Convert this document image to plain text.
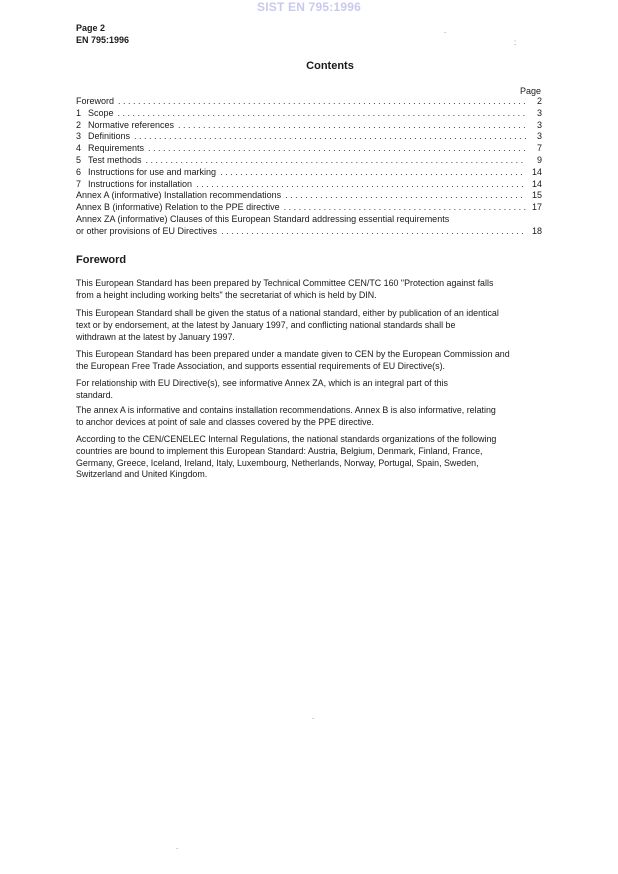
SIST EN 795:1996
Page 2
EN 795:1996
.
:
Contents
Page
Foreword . . .	2
1 Scope . . .	3
2 Normative references . . .	3
3 Definitions . . .	3
4 Requirements . . .	7
5 Test methods . . .	9
6 Instructions for use and marking . . .	14
7 Instructions for installation . . .	14
Annex A (informative) Installation recommendations . . .	15
Annex B (informative) Relation to the PPE directive . . .	17
Annex ZA (informative) Clauses of this European Standard addressing essential requirements
or other provisions of EU Directives . . .	18
Foreword
This European Standard has been prepared by Technical Committee CEN/TC 160 "Protection against falls
from a height including working belts" the secretariat of which is held by DIN.
This European Standard shall be given the status of a national standard, either by publication of an identical
text or by endorsement, at the latest by January 1997, and conflicting national standards shall be
withdrawn at the latest by January 1997.
This European Standard has been prepared under a mandate given to CEN by the European Commission and
the European Free Trade Association, and supports essential requirements of EU Directive(s).
For relationship with EU Directive(s), see informative Annex ZA, which is an integral part of this
standard.
The annex A is informative and contains installation recommendations. Annex B is also informative, relating
to anchor devices at point of sale and classes covered by the PPE directive.
According to the CEN/CENELEC Internal Regulations, the national standards organizations of the following
countries are bound to implement this European Standard: Austria, Belgium, Denmark, Finland, France,
Germany, Greece, Iceland, Ireland, Italy, Luxembourg, Netherlands, Norway, Portugal, Spain, Sweden,
Switzerland and United Kingdom.
.
.
